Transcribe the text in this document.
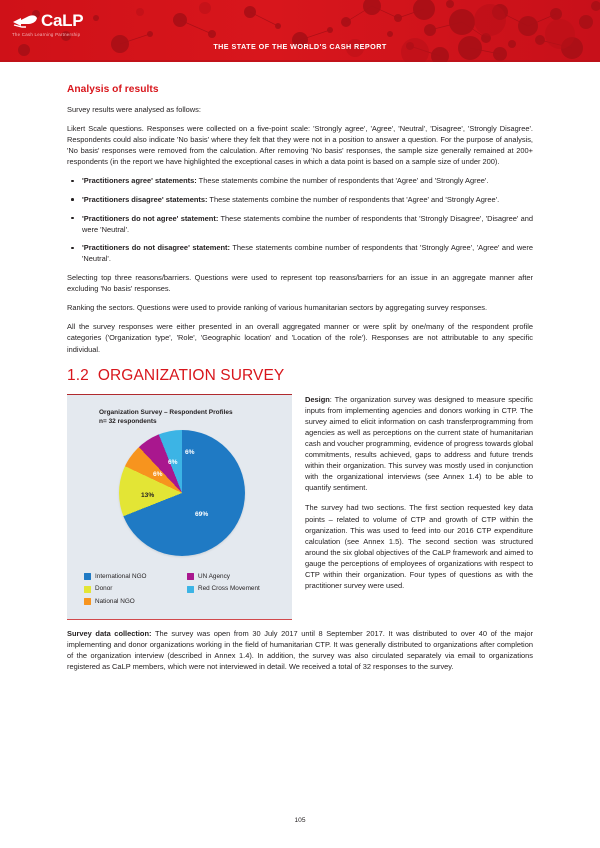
CaLP
The Cash Learning Partnership
THE STATE OF THE WORLD'S CASH REPORT
Analysis of results

Survey results were analysed as follows:

Likert Scale questions. Responses were collected on a five-point scale: 'Strongly agree', 'Agree', 'Neutral', 'Disagree', 'Strongly Disagree'. Respondents could also indicate 'No basis' where they felt that they were not in a position to answer a question. For the purpose of analysis, 'No basis' responses were removed from the calculation. After removing 'No basis' responses, the sample size generally remained at 200+ respondents (in the report we have highlighted the exceptional cases in which a data point is based on a sample size of under 200).

'Practitioners agree' statements: These statements combine the number of respondents that 'Agree' and 'Strongly Agree'.
'Practitioners disagree' statements: These statements combine the number of respondents that 'Agree' and 'Strongly Agree'.
'Practitioners do not agree' statement: These statements combine the number of respondents that 'Strongly Disagree', 'Disagree' and were 'Neutral'.
'Practitioners do not disagree' statement: These statements combine number of respondents that 'Strongly Agree', 'Agree' and were 'Neutral'.

Selecting top three reasons/barriers. Questions were used to represent top reasons/barriers for an issue in an aggregate manner after excluding 'No basis' responses.

Ranking the sectors. Questions were used to provide ranking of various humanitarian sectors by aggregating survey responses.

All the survey responses were either presented in an overall aggregated manner or were split by one/many of the respondent profile categories ('Organization type', 'Role', 'Geographic location' and 'Location of the role'). Responses are not attributable to any specific individual.

1.2 ORGANIZATION SURVEY
Organization Survey – Respondent Profiles
n= 32 respondents
69%
13%
6%
6%
6%
International NGO	UN Agency
Donor	Red Cross Movement
National NGO

Design: The organization survey was designed to measure specific inputs from implementing agencies and donors working in CTP. The survey aimed to elicit information on cash transferprogramming from agencies as well as perceptions on the current state of humanitarian cash and voucher programming, evidence of progress towards global commitments, results achieved, gaps to address and future trends within their organization. This survey was mostly used in conjunction with the organizational interviews (see Annex 1.4) to be able to quantify sentiment.

The survey had two sections. The first section requested key data points – related to volume of CTP and growth of CTP within the organization. This was used to feed into our 2016 CTP expenditure calculation (see Annex 1.5). The second section was structured around the six global objectives of the CaLP framework and aimed to gauge the perceptions of employees of organizations with respect to CTP within their organization. Four types of questions as with the practitioner survey were used.

Survey data collection: The survey was open from 30 July 2017 until 8 September 2017. It was distributed to over 40 of the major implementing and donor organizations working in the field of humanitarian CTP. It was generally distributed to organizations after completion of the organization interview (described in Annex 1.4). In addition, the survey was also circulated separately via email to organizations registered as CaLP members, which were not interviewed in detail. We received a total of 32 responses to the survey.

105
